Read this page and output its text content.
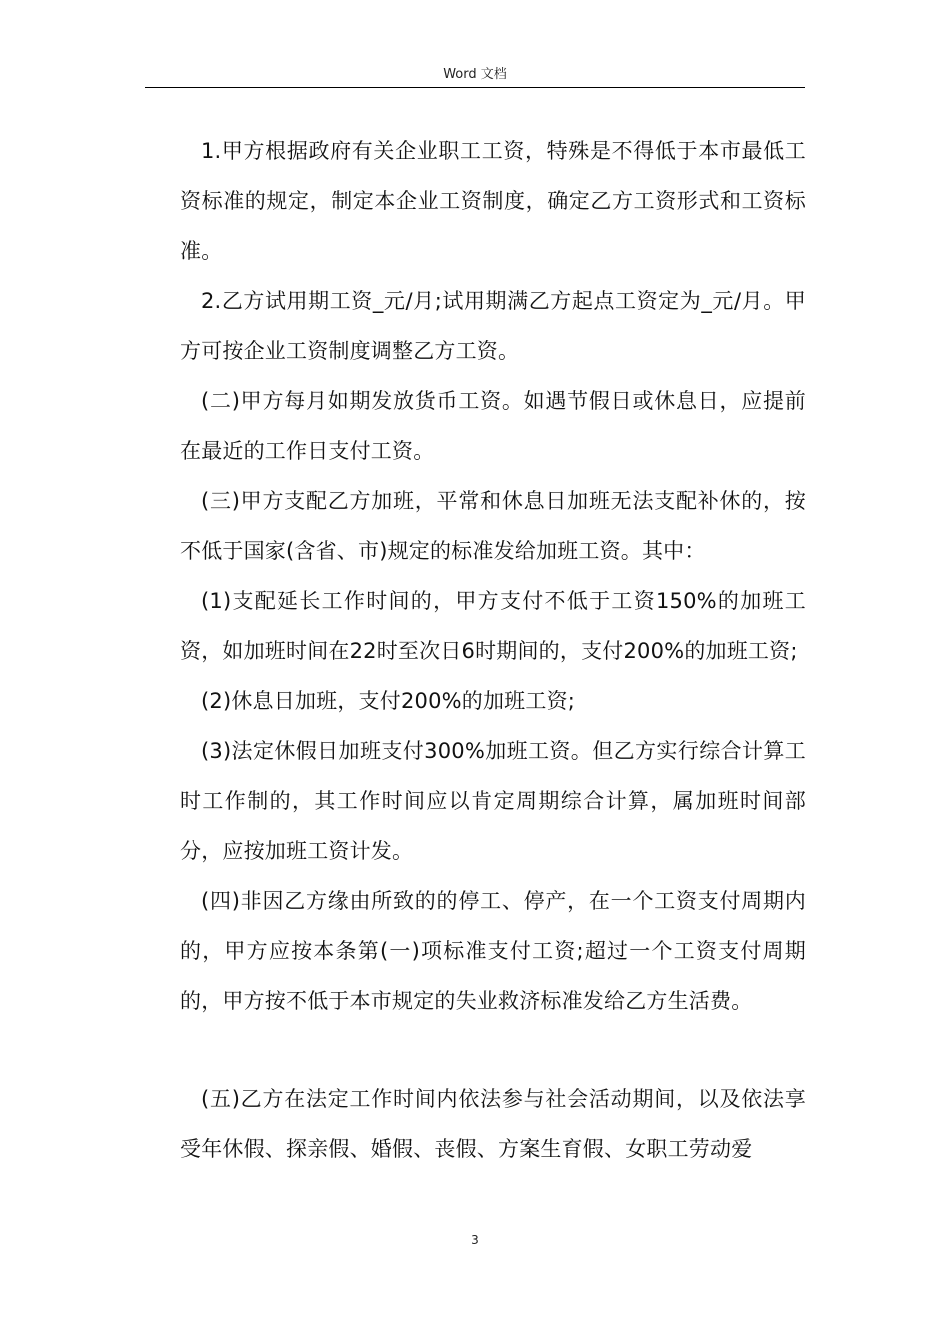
Word 文档

1.甲方根据政府有关企业职工工资，特殊是不得低于本市最低工资标准的规定，制定本企业工资制度，确定乙方工资形式和工资标准。

2.乙方试用期工资_元/月;试用期满乙方起点工资定为_元/月。甲方可按企业工资制度调整乙方工资。

(二)甲方每月如期发放货币工资。如遇节假日或休息日，应提前在最近的工作日支付工资。

(三)甲方支配乙方加班，平常和休息日加班无法支配补休的，按不低于国家(含省、市)规定的标准发给加班工资。其中：

(1)支配延长工作时间的，甲方支付不低于工资150%的加班工资，如加班时间在22时至次日6时期间的，支付200%的加班工资;

(2)休息日加班，支付200%的加班工资;

(3)法定休假日加班支付300%加班工资。但乙方实行综合计算工时工作制的，其工作时间应以肯定周期综合计算，属加班时间部分，应按加班工资计发。

(四)非因乙方缘由所致的的停工、停产，在一个工资支付周期内的，甲方应按本条第(一)项标准支付工资;超过一个工资支付周期的，甲方按不低于本市规定的失业救济标准发给乙方生活费。

(五)乙方在法定工作时间内依法参与社会活动期间，以及依法享受年休假、探亲假、婚假、丧假、方案生育假、女职工劳动爱

3
